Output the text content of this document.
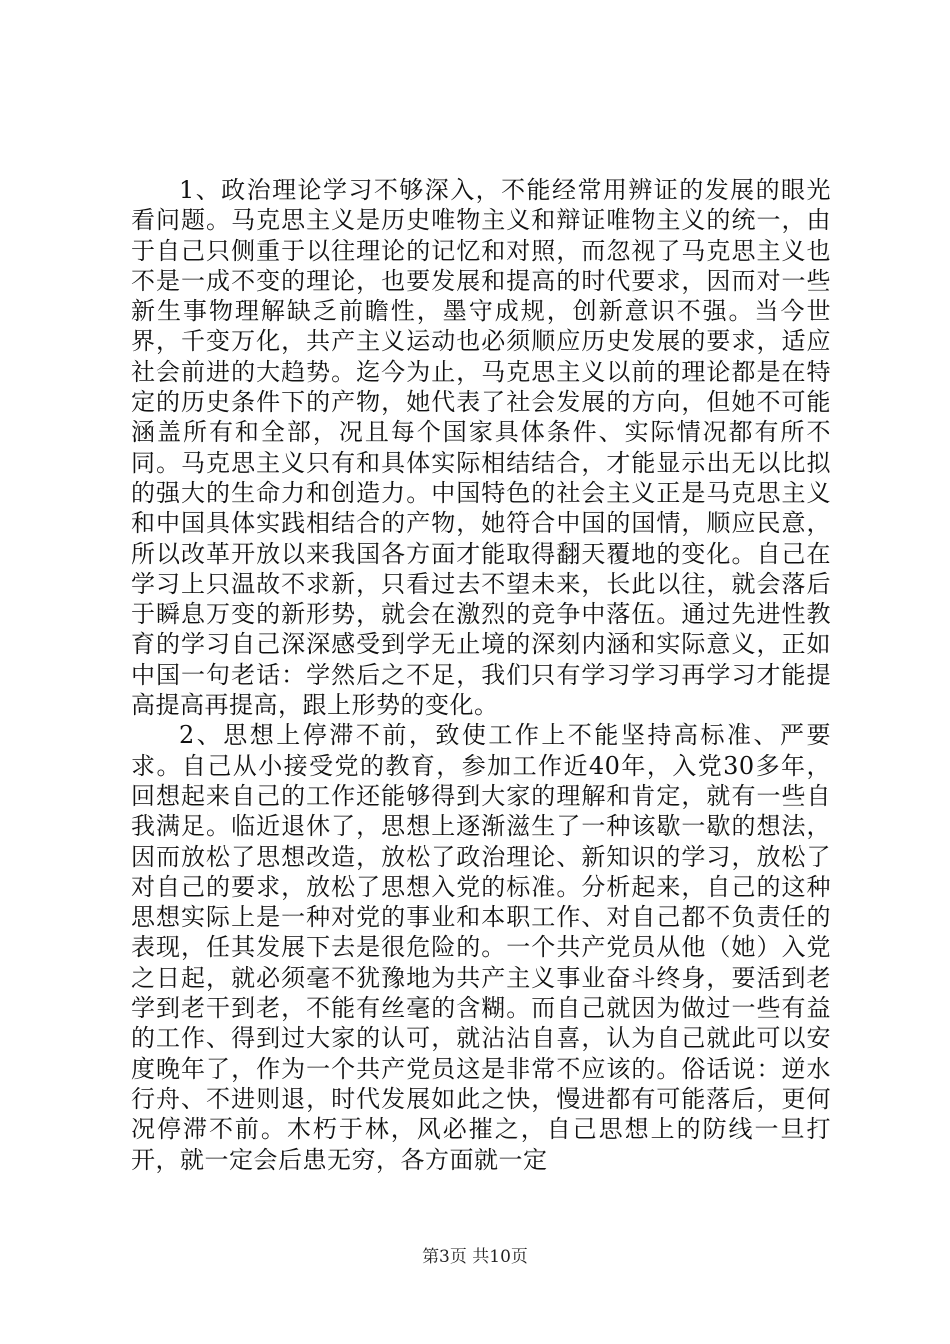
1、政治理论学习不够深入，不能经常用辨证的发展的眼光看问题。马克思主义是历史唯物主义和辩证唯物主义的统一，由于自己只侧重于以往理论的记忆和对照，而忽视了马克思主义也不是一成不变的理论，也要发展和提高的时代要求，因而对一些新生事物理解缺乏前瞻性，墨守成规，创新意识不强。当今世界，千变万化，共产主义运动也必须顺应历史发展的要求，适应社会前进的大趋势。迄今为止，马克思主义以前的理论都是在特定的历史条件下的产物，她代表了社会发展的方向，但她不可能涵盖所有和全部，况且每个国家具体条件、实际情况都有所不同。马克思主义只有和具体实际相结结合，才能显示出无以比拟的强大的生命力和创造力。中国特色的社会主义正是马克思主义和中国具体实践相结合的产物，她符合中国的国情，顺应民意，所以改革开放以来我国各方面才能取得翻天覆地的变化。自己在学习上只温故不求新，只看过去不望未来，长此以往，就会落后于瞬息万变的新形势，就会在激烈的竞争中落伍。通过先进性教育的学习自己深深感受到学无止境的深刻内涵和实际意义，正如中国一句老话：学然后之不足，我们只有学习学习再学习才能提高提高再提高，跟上形势的变化。

2、思想上停滞不前，致使工作上不能坚持高标准、严要求。自己从小接受党的教育，参加工作近40年，入党30多年，回想起来自己的工作还能够得到大家的理解和肯定，就有一些自我满足。临近退休了，思想上逐渐滋生了一种该歇一歇的想法，因而放松了思想改造，放松了政治理论、新知识的学习，放松了对自己的要求，放松了思想入党的标准。分析起来，自己的这种思想实际上是一种对党的事业和本职工作、对自己都不负责任的表现，任其发展下去是很危险的。一个共产党员从他（她）入党之日起，就必须毫不犹豫地为共产主义事业奋斗终身，要活到老学到老干到老，不能有丝毫的含糊。而自己就因为做过一些有益的工作、得到过大家的认可，就沾沾自喜，认为自己就此可以安度晚年了，作为一个共产党员这是非常不应该的。俗话说：逆水行舟、不进则退，时代发展如此之快，慢进都有可能落后，更何况停滞不前。木朽于林，风必摧之，自己思想上的防线一旦打开，就一定会后患无穷，各方面就一定

第3页 共10页
